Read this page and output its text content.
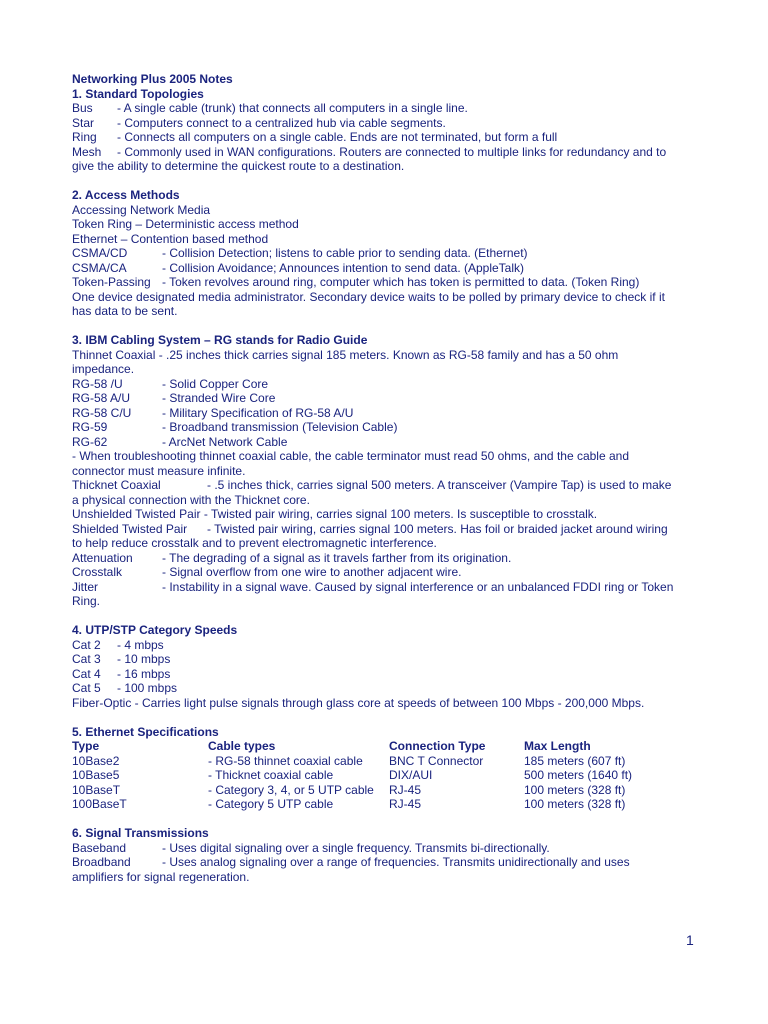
Networking Plus 2005 Notes
1. Standard Topologies
Bus	- A single cable (trunk) that connects all computers in a single line.
Star	- Computers connect to a centralized hub via cable segments.
Ring	- Connects all computers on a single cable. Ends are not terminated, but form a full
Mesh	- Commonly used in WAN configurations. Routers are connected to multiple links for redundancy and to
give the ability to determine the quickest route to a destination.
2. Access Methods
Accessing Network Media
Token Ring – Deterministic access method
Ethernet – Contention based method
CSMA/CD	- Collision Detection; listens to cable prior to sending data. (Ethernet)
CSMA/CA	- Collision Avoidance; Announces intention to send data. (AppleTalk)
Token-Passing - Token revolves around ring, computer which has token is permitted to data. (Token Ring)
One device designated media administrator. Secondary device waits to be polled by primary device to check if it
has data to be sent.
3. IBM Cabling System – RG stands for Radio Guide
Thinnet Coaxial - .25 inches thick carries signal 185 meters. Known as RG-58 family and has a 50 ohm
impedance.
RG-58 /U	- Solid Copper Core
RG-58 A/U	- Stranded Wire Core
RG-58 C/U	- Military Specification of RG-58 A/U
RG-59	- Broadband transmission (Television Cable)
RG-62	- ArcNet Network Cable
- When troubleshooting thinnet coaxial cable, the cable terminator must read 50 ohms, and the cable and
connector must measure infinite.
Thicknet Coaxial	- .5 inches thick, carries signal 500 meters. A transceiver (Vampire Tap) is used to make
a physical connection with the Thicknet core.
Unshielded Twisted Pair - Twisted pair wiring, carries signal 100 meters. Is susceptible to crosstalk.
Shielded Twisted Pair	- Twisted pair wiring, carries signal 100 meters. Has foil or braided jacket around wiring
to help reduce crosstalk and to prevent electromagnetic interference.
Attenuation	- The degrading of a signal as it travels farther from its origination.
Crosstalk	- Signal overflow from one wire to another adjacent wire.
Jitter	- Instability in a signal wave. Caused by signal interference or an unbalanced FDDI ring or Token
Ring.
4. UTP/STP Category Speeds
Cat 2	- 4 mbps
Cat 3	- 10 mbps
Cat 4	- 16 mbps
Cat 5	- 100 mbps
Fiber-Optic - Carries light pulse signals through glass core at speeds of between 100 Mbps - 200,000 Mbps.
5. Ethernet Specifications
Type	Cable types	Connection Type	Max Length
10Base2	- RG-58 thinnet coaxial cable	BNC T Connector	185 meters (607 ft)
10Base5	- Thicknet coaxial cable	DIX/AUI	500 meters (1640 ft)
10BaseT	- Category 3, 4, or 5 UTP cable	RJ-45	100 meters (328 ft)
100BaseT	- Category 5 UTP cable	RJ-45	100 meters (328 ft)
6. Signal Transmissions
Baseband	- Uses digital signaling over a single frequency. Transmits bi-directionally.
Broadband	- Uses analog signaling over a range of frequencies. Transmits unidirectionally and uses
amplifiers for signal regeneration.
1
